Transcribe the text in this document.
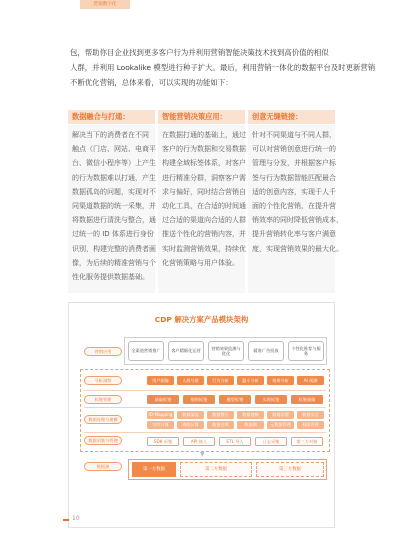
营销数字化
包，帮助你目企业找到更多客户行为并利用营销智能决策技术找到高价值的相似
人群，并利用 Lookalike 模型进行种子扩大。最后，利用营销一体化的数据平台及时更新营销
不断优化营销，总体来看，可以实现的功能如下：
数据融合与打通：
解决当下的消费者在不同
触点（门店、网站、电商平
台、微信小程序等）上产生
的行为数据难以打通，产生
数据孤岛的问题，实现对不
同渠道数据的统一采集，并
将数据进行清洗与整合，通
过统一的 ID 体系进行身份
识别，构建完整的消费者画
像，为后续的精准营销与个
性化服务提供数据基础。
智能营销决策应用：
在数据打通的基础上，通过
客户的行为数据和交易数据
构建全域标签体系，对客户
进行精准分群，洞察客户需
求与偏好，同时结合营销自
动化工具，在合适的时间通
过合适的渠道向合适的人群
推送个性化的营销内容，并
实时监测营销效果，持续优
化营销策略与用户体验。
创意无缝链接：
针对不同渠道与不同人群，
可以对营销创意进行统一的
管理与分发，并根据客户标
签与行为数据智能匹配最合
适的创意内容，实现千人千
面的个性化营销，在提升营
销效率的同时降低营销成本，
提升营销转化率与客户满意
度，实现营销效果的最大化。
CDP 解决方案产品模块架构
营销应用
分析洞察
标签管理
数据处理与建模
数据采集与管理
数据源
全渠道营销推广	客户精细化运营
营销效果监测与优化
精准广告投放
个性化推荐与服务
用户画像	人群分群	行为分析	漏斗分析	效果分析	AI 预测
基础标签	规则标签	模型标签	实时标签	标签画像
ID-Mapping	数据清洗	数据整合	数据建模	数据治理	数据安全
实时计算	离线计算	数据仓库	数据湖	元数据管理	权限管理
SDK 采集	API 接入	ETL 导入	日志采集	第三方对接
▼
第一方数据	第二方数据	第三方数据
10
